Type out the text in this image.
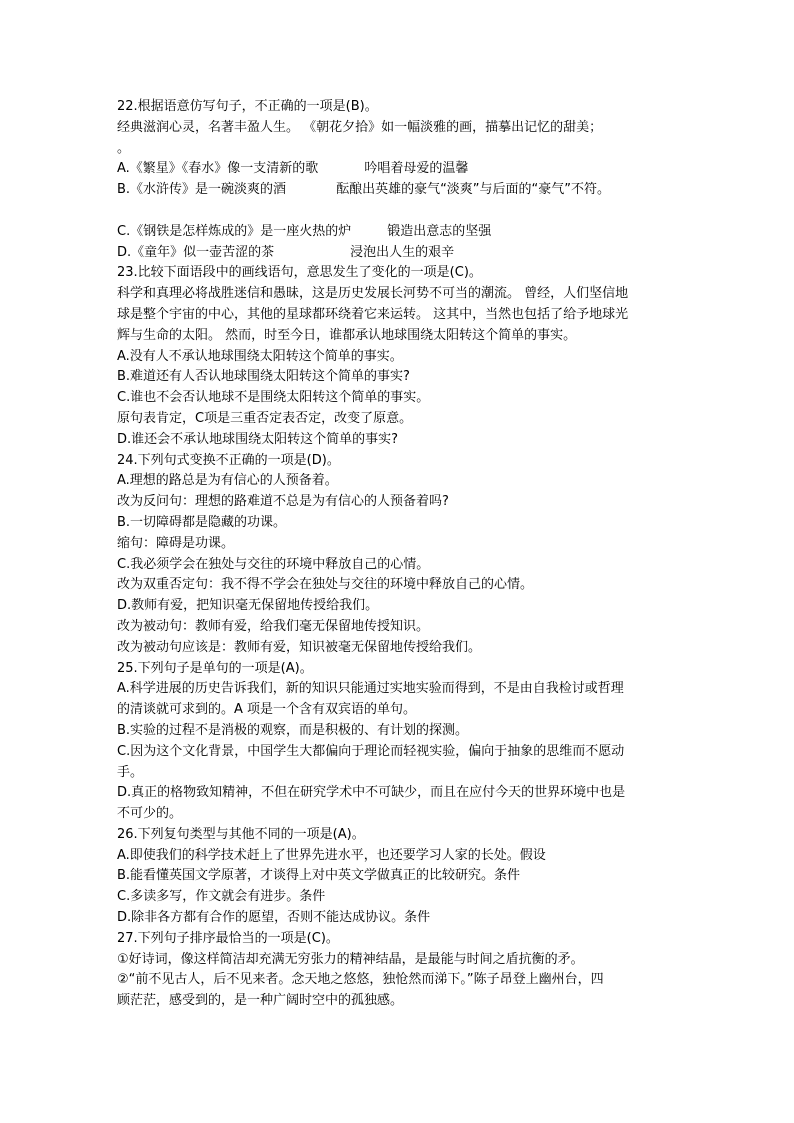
22.根据语意仿写句子，不正确的一项是(B)。
经典滋润心灵，名著丰盈人生。 《朝花夕拾》如一幅淡雅的画，描摹出记忆的甜美；
。
A.《繁星》《春水》像一支清新的歌	吟唱着母爱的温馨
B.《水浒传》是一碗淡爽的酒	酝酿出英雄的豪气“淡爽”与后面的“豪气”不符。
C.《钢铁是怎样炼成的》是一座火热的炉	锻造出意志的坚强
D.《童年》似一壶苦涩的茶	浸泡出人生的艰辛
23.比较下面语段中的画线语句，意思发生了变化的一项是(C)。
科学和真理必将战胜迷信和愚昧，这是历史发展长河势不可当的潮流。 曾经，人们坚信地
球是整个宇宙的中心，其他的星球都环绕着它来运转。 这其中，当然也包括了给予地球光
辉与生命的太阳。 然而，时至今日，谁都承认地球围绕太阳转这个简单的事实。
A.没有人不承认地球围绕太阳转这个简单的事实。
B.难道还有人否认地球围绕太阳转这个简单的事实?
C.谁也不会否认地球不是围绕太阳转这个简单的事实。
原句表肯定，C项是三重否定表否定，改变了原意。
D.谁还会不承认地球围绕太阳转这个简单的事实?
24.下列句式变换不正确的一项是(D)。
A.理想的路总是为有信心的人预备着。
改为反问句：理想的路难道不总是为有信心的人预备着吗?
B.一切障碍都是隐藏的功课。
缩句：障碍是功课。
C.我必须学会在独处与交往的环境中释放自己的心情。
改为双重否定句：我不得不学会在独处与交往的环境中释放自己的心情。
D.教师有爱，把知识毫无保留地传授给我们。
改为被动句：教师有爱，给我们毫无保留地传授知识。
改为被动句应该是：教师有爱，知识被毫无保留地传授给我们。
25.下列句子是单句的一项是(A)。
A.科学进展的历史告诉我们，新的知识只能通过实地实验而得到，不是由自我检讨或哲理
的清谈就可求到的。A 项是一个含有双宾语的单句。
B.实验的过程不是消极的观察，而是积极的、有计划的探测。
C.因为这个文化背景，中国学生大都偏向于理论而轻视实验，偏向于抽象的思维而不愿动
手。
D.真正的格物致知精神，不但在研究学术中不可缺少，而且在应付今天的世界环境中也是
不可少的。
26.下列复句类型与其他不同的一项是(A)。
A.即使我们的科学技术赶上了世界先进水平，也还要学习人家的长处。假设
B.能看懂英国文学原著，才谈得上对中英文学做真正的比较研究。条件
C.多读多写，作文就会有进步。条件
D.除非各方都有合作的愿望，否则不能达成协议。条件
27.下列句子排序最恰当的一项是(C)。
①好诗词，像这样简洁却充满无穷张力的精神结晶，是最能与时间之盾抗衡的矛。
②“前不见古人，后不见来者。念天地之悠悠，独怆然而涕下。”陈子昂登上幽州台，四
顾茫茫，感受到的，是一种广阔时空中的孤独感。
